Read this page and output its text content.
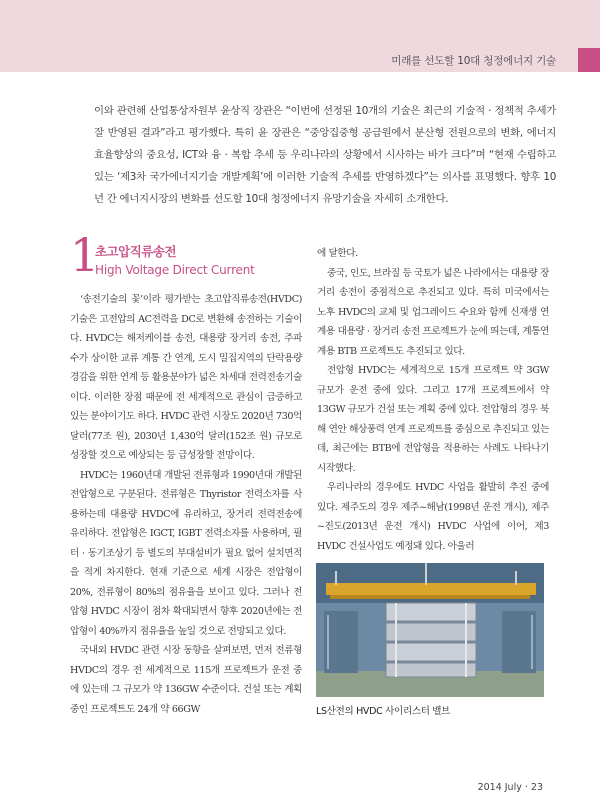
미래를 선도할 10대 청정에너지 기술
이와 관련해 산업통상자원부 윤상직 장관은 “이번에 선정된 10개의 기술은 최근의 기술적 · 정책적 추세가 잘 반영된 결과”라고 평가했다. 특히 윤 장관은 “중앙집중형 공급원에서 분산형 전원으로의 변화, 에너지 효율향상의 중요성, ICT와 융 · 복합 추세 등 우리나라의 상황에서 시사하는 바가 크다”며 “현재 수립하고 있는 ‘제3차 국가에너지기술 개발계획’에 이러한 기술적 추세를 반영하겠다”는 의사를 표명했다. 향후 10년 간 에너지시장의 변화를 선도할 10대 청정에너지 유망기술을 자세히 소개한다.
1
초고압직류송전
High Voltage Direct Current

‘송전기술의 꽃’이라 평가받는 초고압직류송전(HVDC) 기술은 고전압의 AC전력을 DC로 변환해 송전하는 기술이다. HVDC는 해저케이블 송전, 대용량 장거리 송전, 주파수가 상이한 교류 계통 간 연계, 도시 밀집지역의 단락용량 경감을 위한 연계 등 활용분야가 넓은 차세대 전력전송기술이다. 이러한 장점 때문에 전 세계적으로 관심이 급증하고 있는 분야이기도 하다. HVDC 관련 시장도 2020년 730억 달러(77조 원), 2030년 1,430억 달러(152조 원) 규모로 성장할 것으로 예상되는 등 급성장할 전망이다.

HVDC는 1960년대 개발된 전류형과 1990년대 개발된 전압형으로 구분된다. 전류형은 Thyristor 전력소자를 사용하는데 대용량 HVDC에 유리하고, 장거리 전력전송에 유리하다. 전압형은 IGCT, IGBT 전력소자를 사용하며, 필터 · 동기조상기 등 별도의 부대설비가 필요 없어 설치면적을 적게 차지한다. 현재 기준으로 세계 시장은 전압형이 20%, 전류형이 80%의 점유율을 보이고 있다. 그러나 전압형 HVDC 시장이 점차 확대되면서 향후 2020년에는 전압형이 40%까지 점유율을 높일 것으로 전망되고 있다.

국내외 HVDC 관련 시장 동향을 살펴보면, 먼저 전류형 HVDC의 경우 전 세계적으로 115개 프로젝트가 운전 중에 있는데 그 규모가 약 136GW 수준이다. 건설 또는 계획 중인 프로젝트도 24개 약 66GW

에 달한다.

중국, 인도, 브라질 등 국토가 넓은 나라에서는 대용량 장거리 송전이 중점적으로 추진되고 있다. 특히 미국에서는 노후 HVDC의 교체 및 업그레이드 수요와 함께 신재생 연계용 대용량 · 장거리 송전 프로젝트가 눈에 띄는데, 계통연계용 BTB 프로젝트도 추진되고 있다.

전압형 HVDC는 세계적으로 15개 프로젝트 약 3GW 규모가 운전 중에 있다. 그리고 17개 프로젝트에서 약 13GW 규모가 건설 또는 계획 중에 있다. 전압형의 경우 북해 연안 해상풍력 연계 프로젝트를 중심으로 추진되고 있는데, 최근에는 BTB에 전압형을 적용하는 사례도 나타나기 시작했다.

우리나라의 경우에도 HVDC 사업을 활발히 추진 중에 있다. 제주도의 경우 제주~해남(1998년 운전 개시), 제주~진도(2013년 운전 개시) HVDC 사업에 이어, 제3 HVDC 건설사업도 예정돼 있다. 아울러

LS산전의 HVDC 사이리스터 밸브
2014 July · 23
